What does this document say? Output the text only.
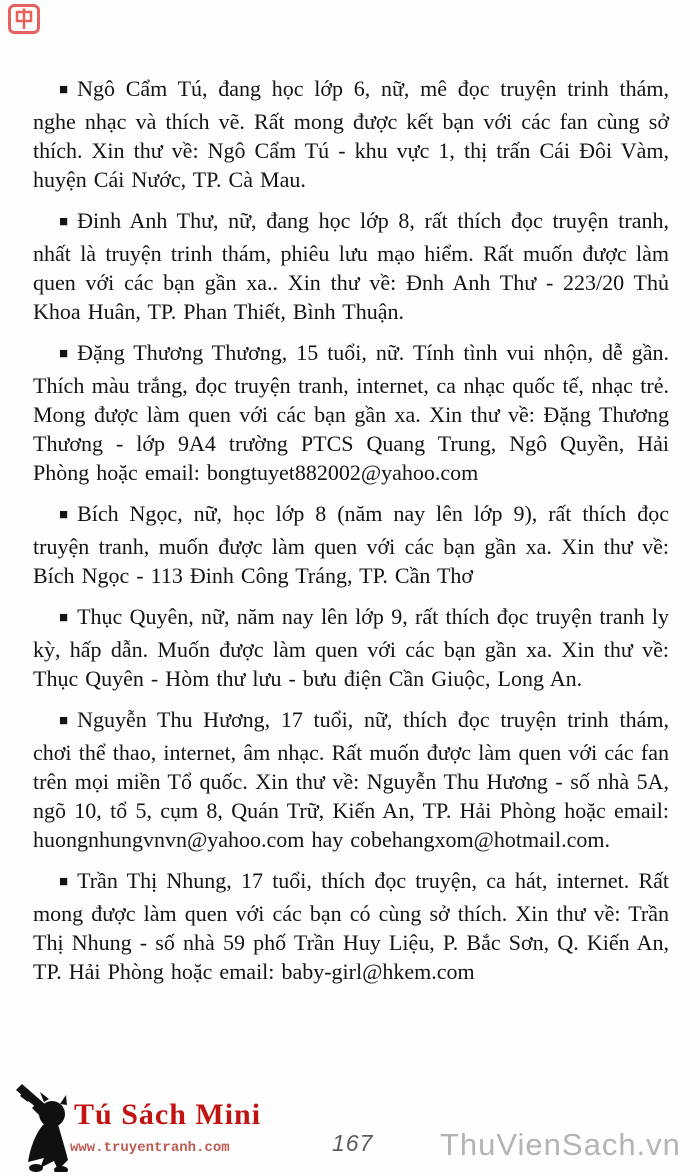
■ Ngô Cẩm Tú, đang học lớp 6, nữ, mê đọc truyện trinh thám, nghe nhạc và thích vẽ. Rất mong được kết bạn với các fan cùng sở thích. Xin thư về: Ngô Cẩm Tú - khu vực 1, thị trấn Cái Đôi Vàm, huyện Cái Nước, TP. Cà Mau.

■ Đinh Anh Thư, nữ, đang học lớp 8, rất thích đọc truyện tranh, nhất là truyện trinh thám, phiêu lưu mạo hiểm. Rất muốn được làm quen với các bạn gần xa.. Xin thư về: Đnh Anh Thư - 223/20 Thủ Khoa Huân, TP. Phan Thiết, Bình Thuận.

■ Đặng Thương Thương, 15 tuổi, nữ. Tính tình vui nhộn, dễ gần. Thích màu trắng, đọc truyện tranh, internet, ca nhạc quốc tế, nhạc trẻ. Mong được làm quen với các bạn gần xa. Xin thư về: Đặng Thương Thương - lớp 9A4 trường PTCS Quang Trung, Ngô Quyền, Hải Phòng hoặc email: bongtuyet882002@yahoo.com

■ Bích Ngọc, nữ, học lớp 8 (năm nay lên lớp 9), rất thích đọc truyện tranh, muốn được làm quen với các bạn gần xa. Xin thư về: Bích Ngọc - 113 Đinh Công Tráng, TP. Cần Thơ

■ Thục Quyên, nữ, năm nay lên lớp 9, rất thích đọc truyện tranh ly kỳ, hấp dẫn. Muốn được làm quen với các bạn gần xa. Xin thư về: Thục Quyên - Hòm thư lưu - bưu điện Cần Giuộc, Long An.

■ Nguyễn Thu Hương, 17 tuổi, nữ, thích đọc truyện trinh thám, chơi thể thao, internet, âm nhạc. Rất muốn được làm quen với các fan trên mọi miền Tổ quốc. Xin thư về: Nguyễn Thu Hương - số nhà 5A, ngõ 10, tổ 5, cụm 8, Quán Trữ, Kiến An, TP. Hải Phòng hoặc email: huongnhungvnvn@yahoo.com hay cobehangxom@hotmail.com.

■ Trần Thị Nhung, 17 tuổi, thích đọc truyện, ca hát, internet. Rất mong được làm quen với các bạn có cùng sở thích. Xin thư về: Trần Thị Nhung - số nhà 59 phố Trần Huy Liệu, P. Bắc Sơn, Q. Kiến An, TP. Hải Phòng hoặc email: baby-girl@hkem.com

Tú Sách Mini
www.truyentranh.com	167 ThuVienSach.vn
